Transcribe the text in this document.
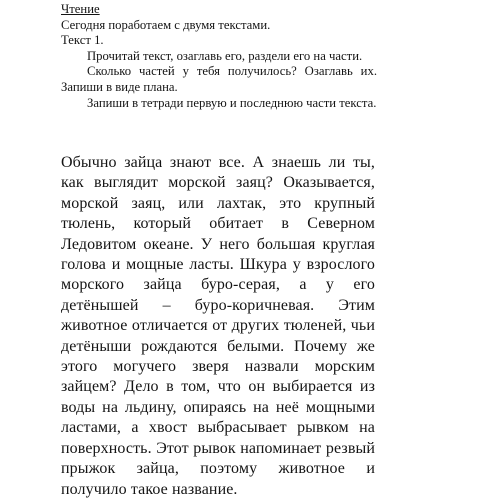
Чтение

Сегодня поработаем с двумя текстами.

Текст 1.

Прочитай текст, озаглавь его, раздели его на части.

Сколько частей у тебя получилось? Озаглавь их. Запиши в виде плана.

Запиши в тетради первую и последнюю части текста.

Обычно зайца знают все. А знаешь ли ты, как выглядит морской заяц? Оказывается, морской заяц, или лахтак, это крупный тюлень, который обитает в Северном Ледовитом океане. У него большая круглая голова и мощные ласты. Шкура у взрослого морского зайца буро-серая, а у его детёнышей – буро-коричневая. Этим животное отличается от других тюленей, чьи детёныши рождаются белыми. Почему же этого могучего зверя назвали морским зайцем? Дело в том, что он выбирается из воды на льдину, опираясь на неё мощными ластами, а хвост выбрасывает рывком на поверхность. Этот рывок напоминает резвый прыжок зайца, поэтому животное и получило такое название.
